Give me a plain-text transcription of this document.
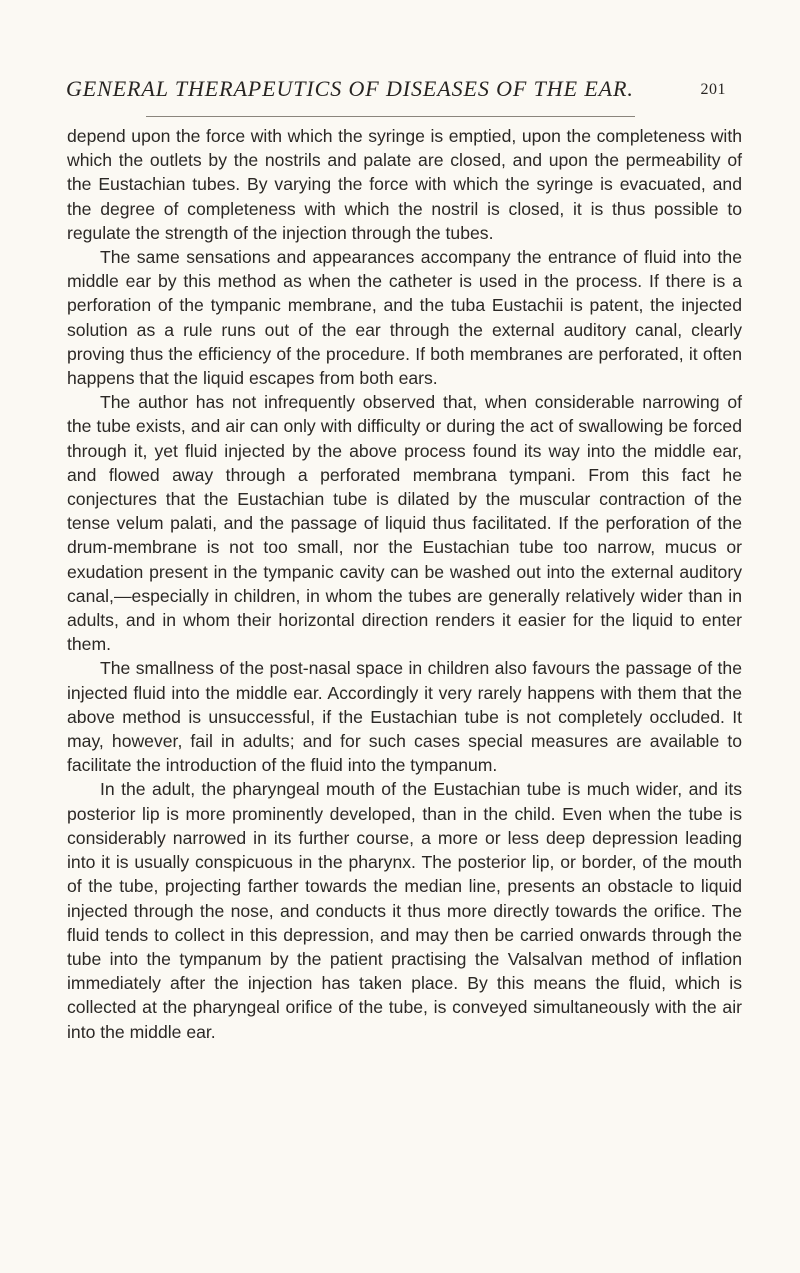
GENERAL THERAPEUTICS OF DISEASES OF THE EAR.	201

depend upon the force with which the syringe is emptied, upon the completeness with which the outlets by the nostrils and palate are closed, and upon the permeability of the Eustachian tubes. By varying the force with which the syringe is evacuated, and the degree of completeness with which the nostril is closed, it is thus possible to regulate the strength of the injection through the tubes.

The same sensations and appearances accompany the entrance of fluid into the middle ear by this method as when the catheter is used in the process. If there is a perforation of the tympanic membrane, and the tuba Eustachii is patent, the injected solution as a rule runs out of the ear through the external auditory canal, clearly proving thus the efficiency of the procedure. If both membranes are perforated, it often happens that the liquid escapes from both ears.

The author has not infrequently observed that, when considerable narrowing of the tube exists, and air can only with difficulty or during the act of swallowing be forced through it, yet fluid injected by the above process found its way into the middle ear, and flowed away through a perforated membrana tympani. From this fact he conjectures that the Eustachian tube is dilated by the muscular contraction of the tense velum palati, and the passage of liquid thus facilitated. If the perforation of the drum-membrane is not too small, nor the Eustachian tube too narrow, mucus or exudation present in the tympanic cavity can be washed out into the external auditory canal,—especially in children, in whom the tubes are generally relatively wider than in adults, and in whom their horizontal direction renders it easier for the liquid to enter them.

The smallness of the post-nasal space in children also favours the passage of the injected fluid into the middle ear. Accordingly it very rarely happens with them that the above method is unsuccessful, if the Eustachian tube is not completely occluded. It may, however, fail in adults; and for such cases special measures are available to facilitate the introduction of the fluid into the tympanum.

In the adult, the pharyngeal mouth of the Eustachian tube is much wider, and its posterior lip is more prominently developed, than in the child. Even when the tube is considerably narrowed in its further course, a more or less deep depression leading into it is usually conspicuous in the pharynx. The posterior lip, or border, of the mouth of the tube, projecting farther towards the median line, presents an obstacle to liquid injected through the nose, and conducts it thus more directly towards the orifice. The fluid tends to collect in this depression, and may then be carried onwards through the tube into the tympanum by the patient practising the Valsalvan method of inflation immediately after the injection has taken place. By this means the fluid, which is collected at the pharyngeal orifice of the tube, is conveyed simultaneously with the air into the middle ear.
